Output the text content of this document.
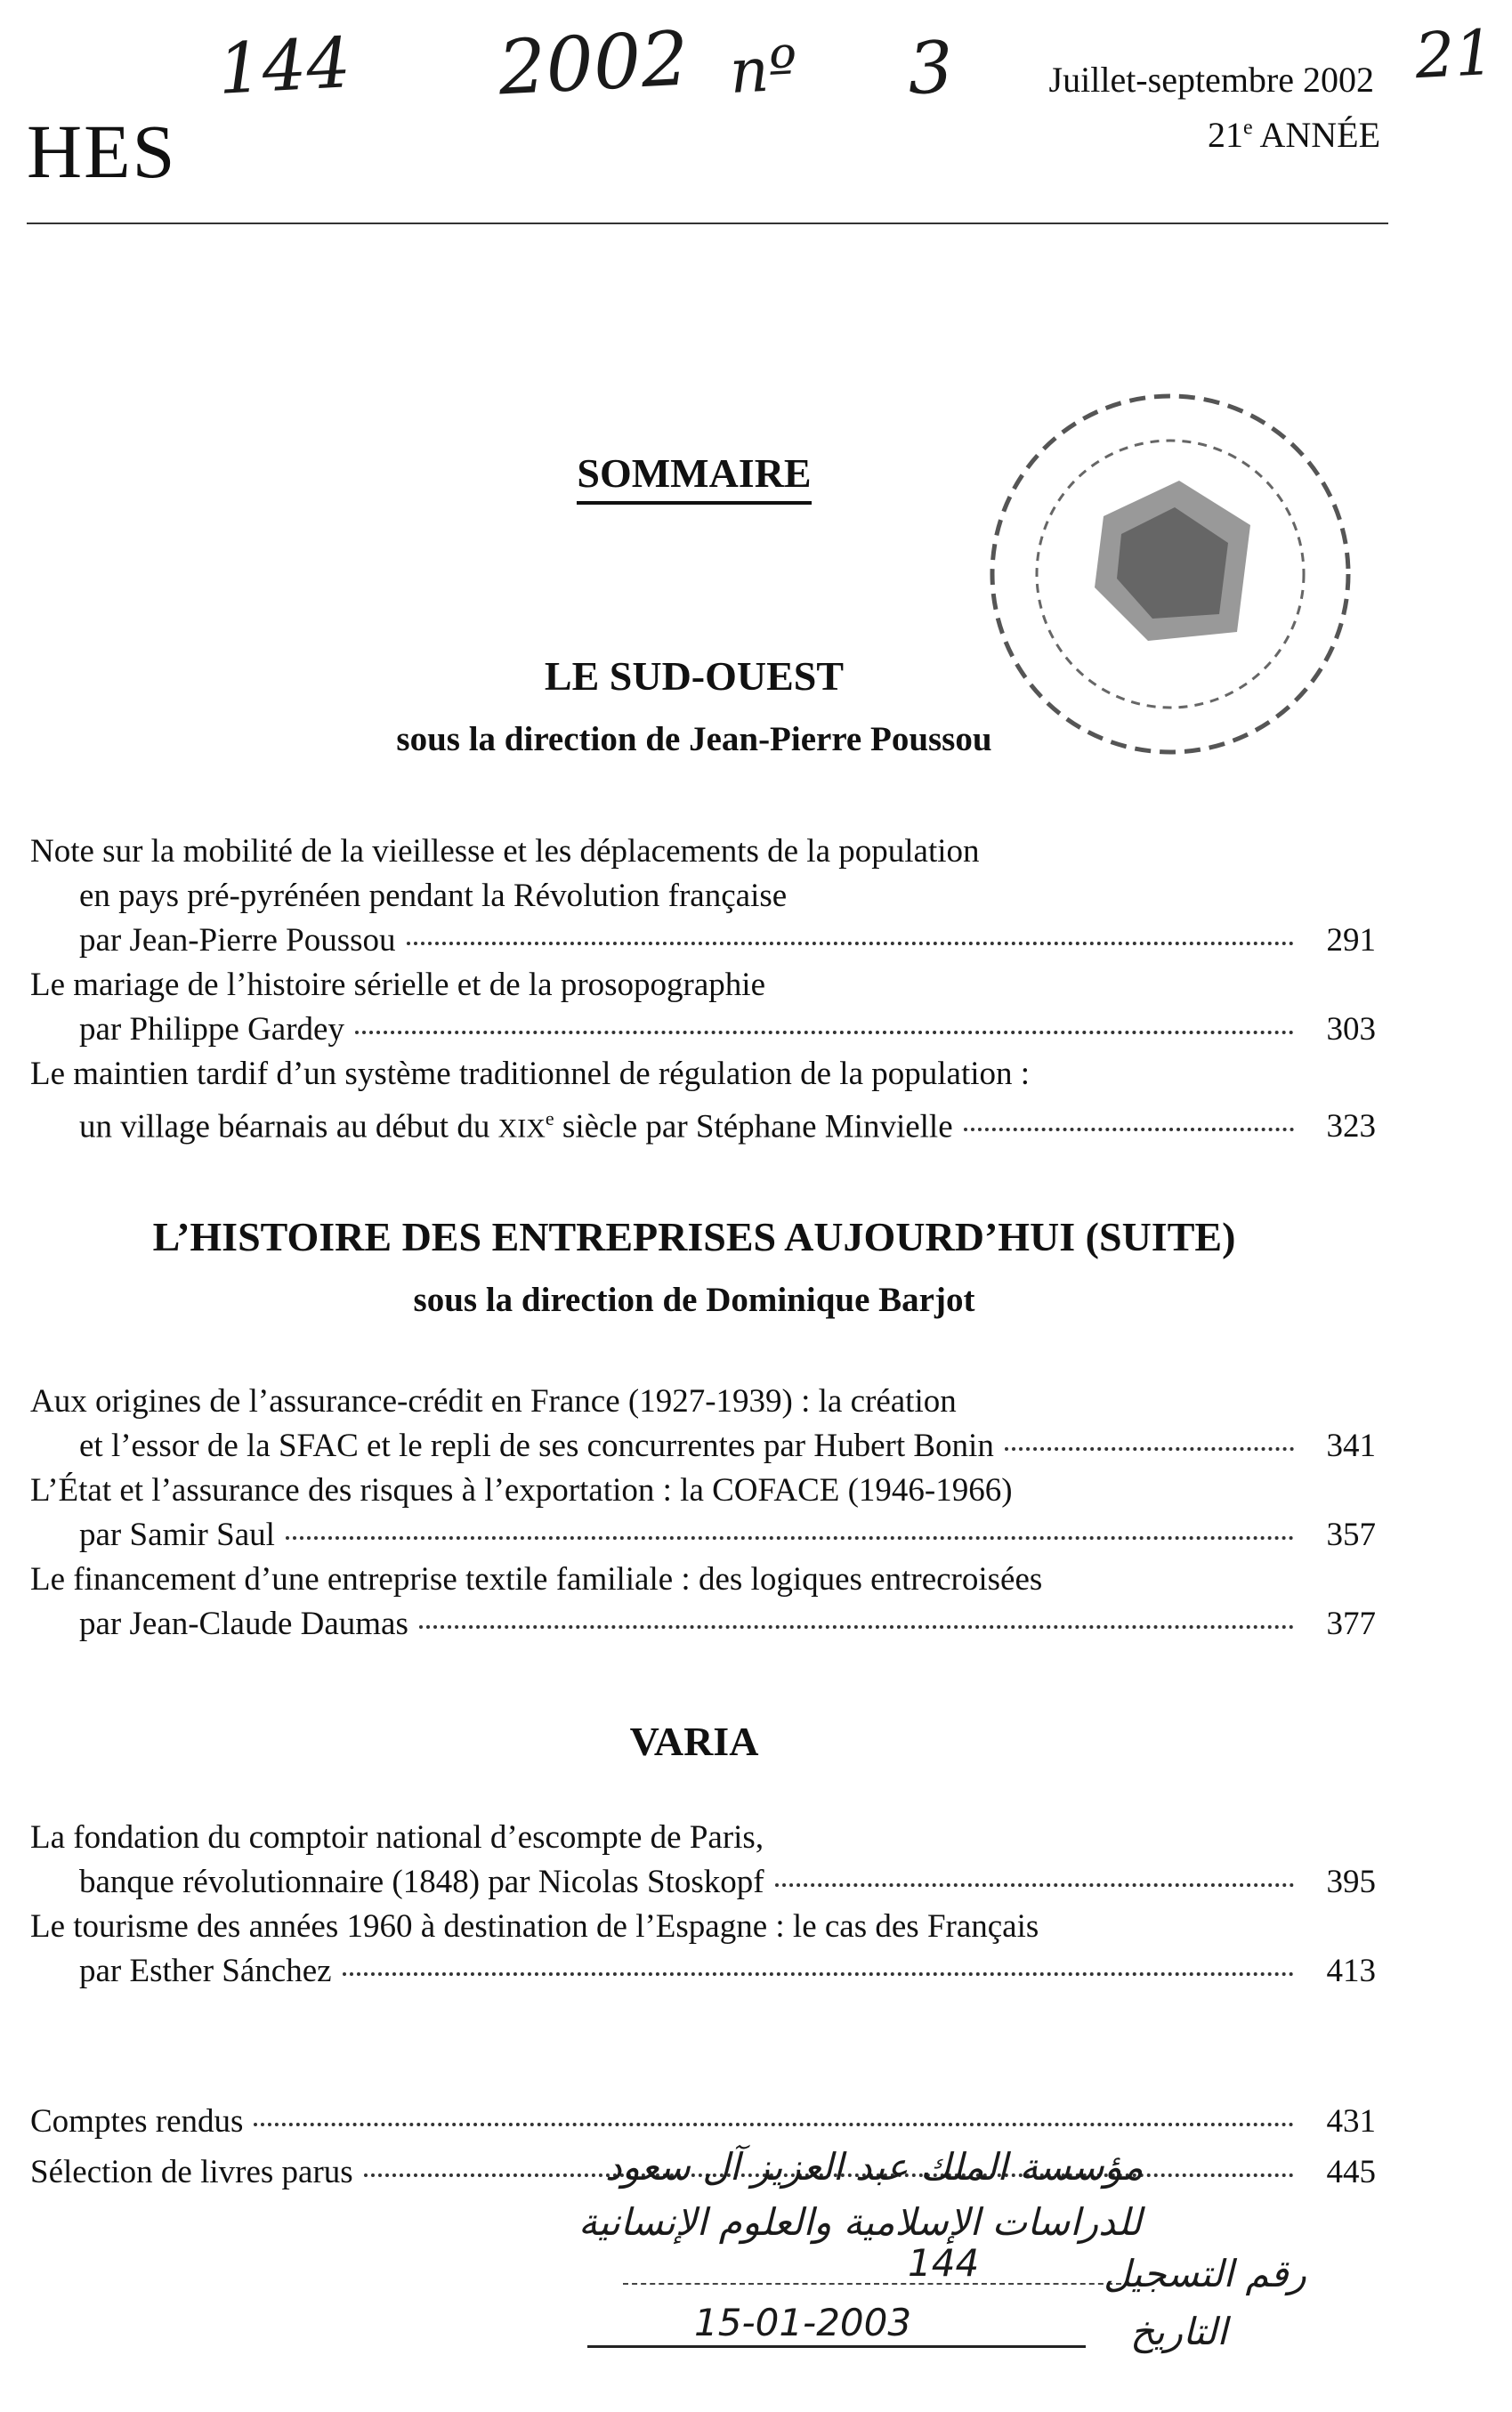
HES
Juillet-septembre 2002
21e ANNÉE
144 2002 nº 3	21
SOMMAIRE
LE SUD-OUEST
sous la direction de Jean-Pierre Poussou
Note sur la mobilité de la vieillesse et les déplacements de la population
en pays pré-pyrénéen pendant la Révolution française
par Jean-Pierre Poussou	291
Le mariage de l’histoire sérielle et de la prosopographie
par Philippe Gardey	303
Le maintien tardif d’un système traditionnel de régulation de la population :
un village béarnais au début du XIXe siècle par Stéphane Minvielle	323
L’HISTOIRE DES ENTREPRISES AUJOURD’HUI (SUITE)
sous la direction de Dominique Barjot
Aux origines de l’assurance-crédit en France (1927-1939) : la création
et l’essor de la SFAC et le repli de ses concurrentes par Hubert Bonin	341
L’État et l’assurance des risques à l’exportation : la COFACE (1946-1966)
par Samir Saul	357
Le financement d’une entreprise textile familiale : des logiques entrecroisées
par Jean-Claude Daumas	377
VARIA
La fondation du comptoir national d’escompte de Paris,
banque révolutionnaire (1848) par Nicolas Stoskopf	395
Le tourisme des années 1960 à destination de l’Espagne : le cas des Français
par Esther Sánchez	413
Comptes rendus	431
Sélection de livres parus	445
مؤسسة الملك عبد العزيز آل سعود
للدراسات الإسلامية والعلوم الإنسانية
144	رقم التسجيل
15-01-2003	التاريخ
